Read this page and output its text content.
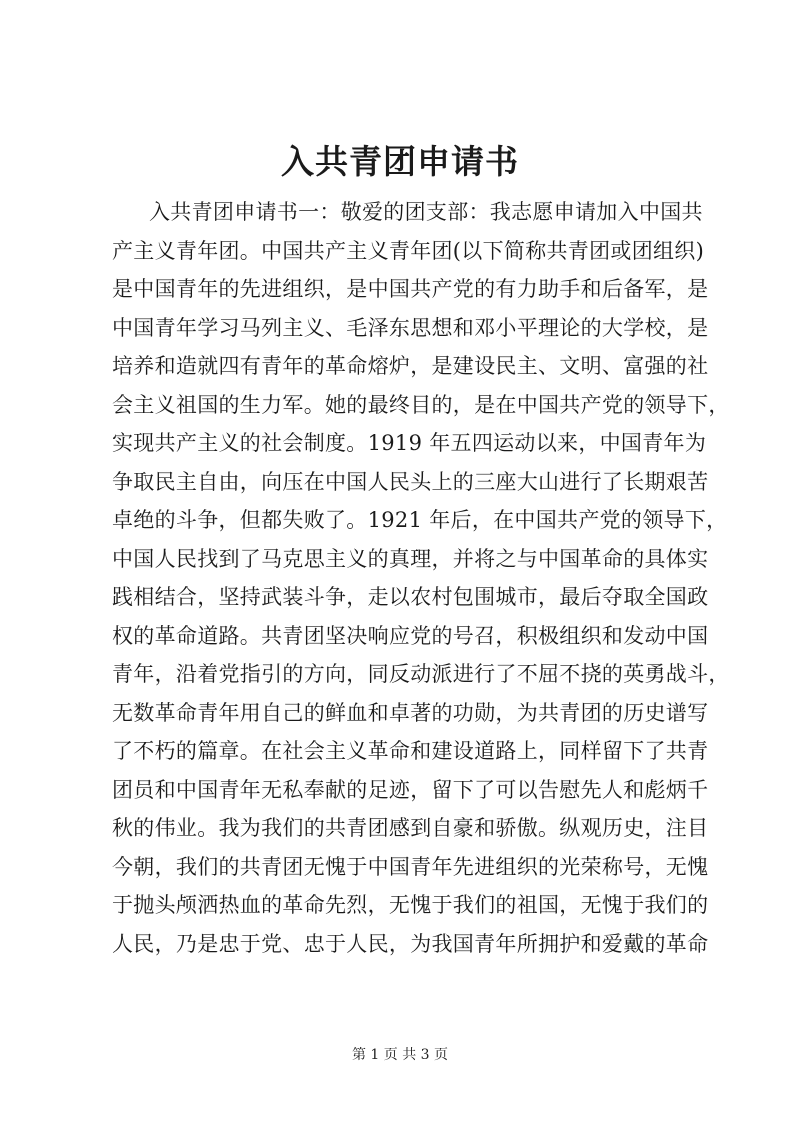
入共青团申请书
入共青团申请书一：敬爱的团支部：我志愿申请加入中国共
产主义青年团。中国共产主义青年团(以下简称共青团或团组织)
是中国青年的先进组织，是中国共产党的有力助手和后备军，是
中国青年学习马列主义、毛泽东思想和邓小平理论的大学校，是
培养和造就四有青年的革命熔炉，是建设民主、文明、富强的社
会主义祖国的生力军。她的最终目的，是在中国共产党的领导下，
实现共产主义的社会制度。1919 年五四运动以来，中国青年为
争取民主自由，向压在中国人民头上的三座大山进行了长期艰苦
卓绝的斗争，但都失败了。1921 年后，在中国共产党的领导下，
中国人民找到了马克思主义的真理，并将之与中国革命的具体实
践相结合，坚持武装斗争，走以农村包围城市，最后夺取全国政
权的革命道路。共青团坚决响应党的号召，积极组织和发动中国
青年，沿着党指引的方向，同反动派进行了不屈不挠的英勇战斗，
无数革命青年用自己的鲜血和卓著的功勋，为共青团的历史谱写
了不朽的篇章。在社会主义革命和建设道路上，同样留下了共青
团员和中国青年无私奉献的足迹，留下了可以告慰先人和彪炳千
秋的伟业。我为我们的共青团感到自豪和骄傲。纵观历史，注目
今朝，我们的共青团无愧于中国青年先进组织的光荣称号，无愧
于抛头颅洒热血的革命先烈，无愧于我们的祖国，无愧于我们的
人民，乃是忠于党、忠于人民，为我国青年所拥护和爱戴的革命
第 1 页 共 3 页
